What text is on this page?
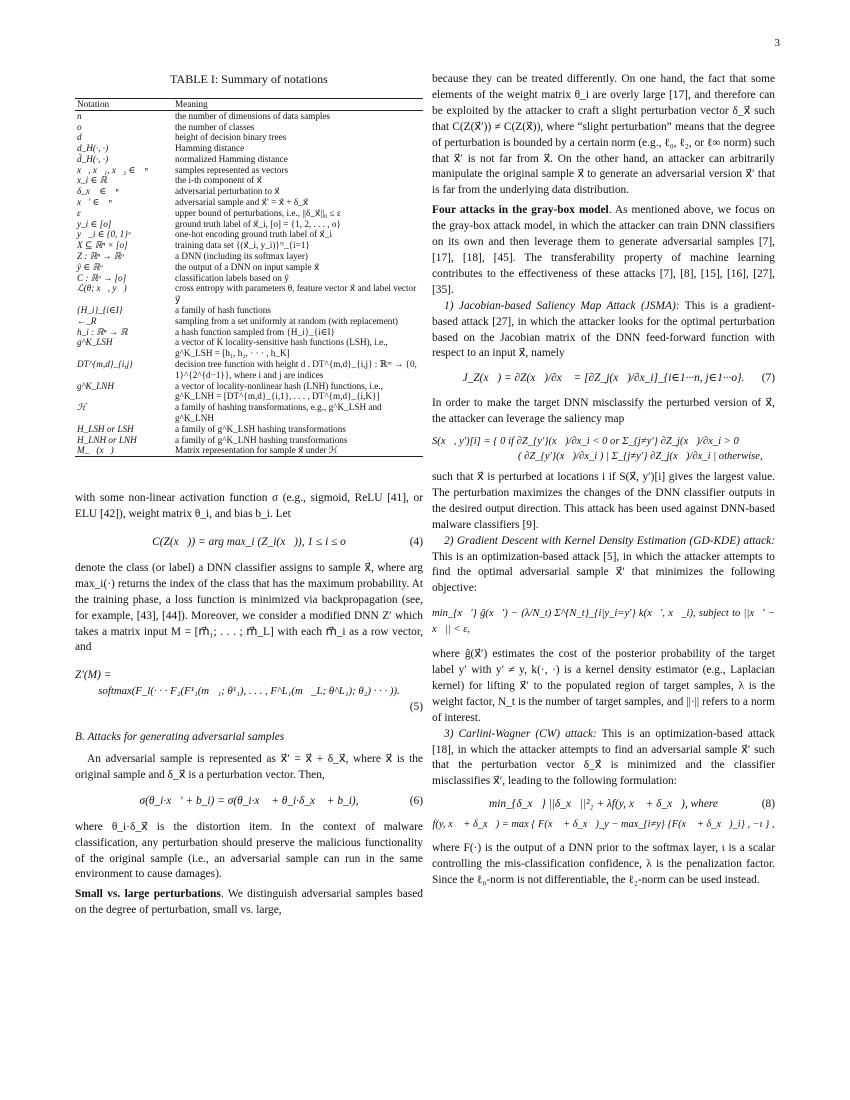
3
TABLE I: Summary of notations
Notation	Meaning
n	the number of dimensions of data samples
o	the number of classes
d	height of decision binary trees
d_H(·, ·)	Hamming distance
d̄_H(·, ·)	normalized Hamming distance
x⃗, x⃗₁, x⃗₂ ∈ ℝⁿ	samples represented as vectors
x_i ∈ ℝ	the i-th component of x⃗
δ_x⃗ ∈ ℝⁿ	adversarial perturbation to x⃗
x⃗′ ∈ ℝⁿ	adversarial sample and x⃗′ = x⃗ + δ_x⃗
ε	upper bound of perturbations, i.e., ||δ_x⃗||₀ ≤ ε
y_i ∈ [o]	ground truth label of x⃗_i, [o] = {1, 2, . . . , o}
y⃗_i ∈ {0, 1}ᵒ	one-hot encoding ground truth label of x⃗_i
X ⊆ ℝⁿ × [o]	training data set {(x⃗_i, y_i)}ᴺ_{i=1}
Z : ℝⁿ → ℝᵒ	a DNN (including its softmax layer)
ŷ ∈ ℝᵒ	the output of a DNN on input sample x⃗
C : ℝᵒ → [o]	classification labels based on ŷ
ℒ(θ; x⃗, y⃗)	cross entropy with parameters θ, feature vector x⃗ and label vector y⃗
{H_i}_{i∈I}	a family of hash functions
←_R	sampling from a set uniformly at random (with replacement)
h_i : ℝⁿ → ℝ	a hash function sampled from {H_i}_{i∈I}
g^K_LSH	a vector of K locality-sensitive hash functions (LSH), i.e., g^K_LSH = [h₁, h₂, · · · , h_K]
DT^{m,d}_{i,j}	decision tree function with height d . DT^{m,d}_{i,j} : ℝᵐ → {0, 1}^{2^{d−1}}, where i and j are indices
g^K_LNH	a vector of locality-nonlinear hash (LNH) functions, i.e., g^K_LNH = [DT^{m,d}_{i,1}, . . . , DT^{m,d}_{i,K}]
ℋ	a family of hashing transformations, e.g., g^K_LSH and g^K_LNH
H_LSH or LSH	a family of g^K_LSH hashing transformations
H_LNH or LNH	a family of g^K_LNH hashing transformations
M_ℋ(x⃗)	Matrix representation for sample x⃗ under ℋ

with some non-linear activation function σ (e.g., sigmoid, ReLU [41], or ELU [42]), weight matrix θ_i, and bias b_i. Let

C(Z(x⃗)) = arg max_i (Z_i(x⃗)), 1 ≤ i ≤ o	(4)

denote the class (or label) a DNN classifier assigns to sample x⃗, where arg max_i(·) returns the index of the class that has the maximum probability. At the training phase, a loss function is minimized via backpropagation (see, for example, [43], [44]). Moreover, we consider a modified DNN Z′ which takes a matrix input M = [m⃗₁; . . . ; m⃗_L] with each m⃗_i as a row vector, and

Z′(M) =
softmax(F_l(· · · F₂(F¹₁(m⃗₁; θ¹₁), . . . , F^L₁(m⃗_L; θ^L₁); θ₂) · · · )).
(5)

B. Attacks for generating adversarial samples

An adversarial sample is represented as x⃗′ = x⃗ + δ_x⃗, where x⃗ is the original sample and δ_x⃗ is a perturbation vector. Then,

σ(θ_i·x⃗′ + b_i) = σ(θ_i·x⃗ + θ_i·δ_x⃗ + b_i),	(6)

where θ_i·δ_x⃗ is the distortion item. In the context of malware classification, any perturbation should preserve the malicious functionality of the original sample (i.e., an adversarial sample can run in the same environment to cause damages).

Small vs. large perturbations. We distinguish adversarial samples based on the degree of perturbation, small vs. large,

because they can be treated differently. On one hand, the fact that some elements of the weight matrix θ_i are overly large [17], and therefore can be exploited by the attacker to craft a slight perturbation vector δ_x⃗ such that C(Z(x⃗′)) ≠ C(Z(x⃗)), where “slight perturbation” means that the degree of perturbation is bounded by a certain norm (e.g., ℓ₀, ℓ₂, or ℓ∞ norm) such that x⃗′ is not far from x⃗. On the other hand, an attacker can arbitrarily manipulate the original sample x⃗ to generate an adversarial version x⃗′ that is far from the underlying data distribution.

Four attacks in the gray-box model. As mentioned above, we focus on the gray-box attack model, in which the attacker can train DNN classifiers on its own and then leverage them to generate adversarial samples [7], [17], [18], [45]. The transferability property of machine learning contributes to the effectiveness of these attacks [7], [8], [15], [16], [27], [35].

1) Jacobian-based Saliency Map Attack (JSMA): This is a gradient-based attack [27], in which the attacker looks for the optimal perturbation based on the Jacobian matrix of the DNN feed-forward function with respect to an input x⃗, namely

J_Z(x⃗) = ∂Z(x⃗)/∂x⃗ = [∂Z_j(x⃗)/∂x_i]_{i∈1···n, j∈1···o}. (7)

In order to make the target DNN misclassify the perturbed version of x⃗, the attacker can leverage the saliency map

S(x⃗, y′)[i] = { 0 if ∂Z_{y′}(x⃗)/∂x_i < 0 or Σ_{j≠y′} ∂Z_j(x⃗)/∂x_i > 0
( ∂Z_{y′}(x⃗)/∂x_i ) | Σ_{j≠y′} ∂Z_j(x⃗)/∂x_i | otherwise,

such that x⃗ is perturbed at locations i if S(x⃗, y′)[i] gives the largest value. The perturbation maximizes the changes of the DNN classifier outputs in the desired output direction. This attack has been used against DNN-based malware classifiers [9].

2) Gradient Descent with Kernel Density Estimation (GD-KDE) attack: This is an optimization-based attack [5], in which the attacker attempts to find the optimal adversarial sample x⃗′ that minimizes the following objective:

min_{x⃗′} ĝ(x⃗′) − (λ/N_t) Σ^{N_t}_{i|y_i=y′} k(x⃗′, x⃗_i), subject to ||x⃗′ − x⃗|| < ε,

where ĝ(x⃗′) estimates the cost of the posterior probability of the target label y′ with y′ ≠ y, k(·, ·) is a kernel density estimator (e.g., Laplacian kernel) for lifting x⃗′ to the populated region of target samples, λ is the weight factor, N_t is the number of target samples, and ||·|| refers to a norm of interest.

3) Carlini-Wagner (CW) attack: This is an optimization-based attack [18], in which the attacker attempts to find an adversarial sample x⃗′ such that the perturbation vector δ_x⃗ is minimized and the classifier misclassifies x⃗′, leading to the following formulation:

min_{δ_x⃗} ||δ_x⃗||²₂ + λf(y, x⃗ + δ_x⃗), where	(8)
f(y, x⃗ + δ_x⃗) = max { F(x⃗ + δ_x⃗)_y − max_{i≠y} {F(x⃗ + δ_x⃗)_i} , −ι } ,

where F(·) is the output of a DNN prior to the softmax layer, ι is a scalar controlling the mis-classification confidence, λ is the penalization factor. Since the ℓ₀-norm is not differentiable, the ℓ₂-norm can be used instead.
